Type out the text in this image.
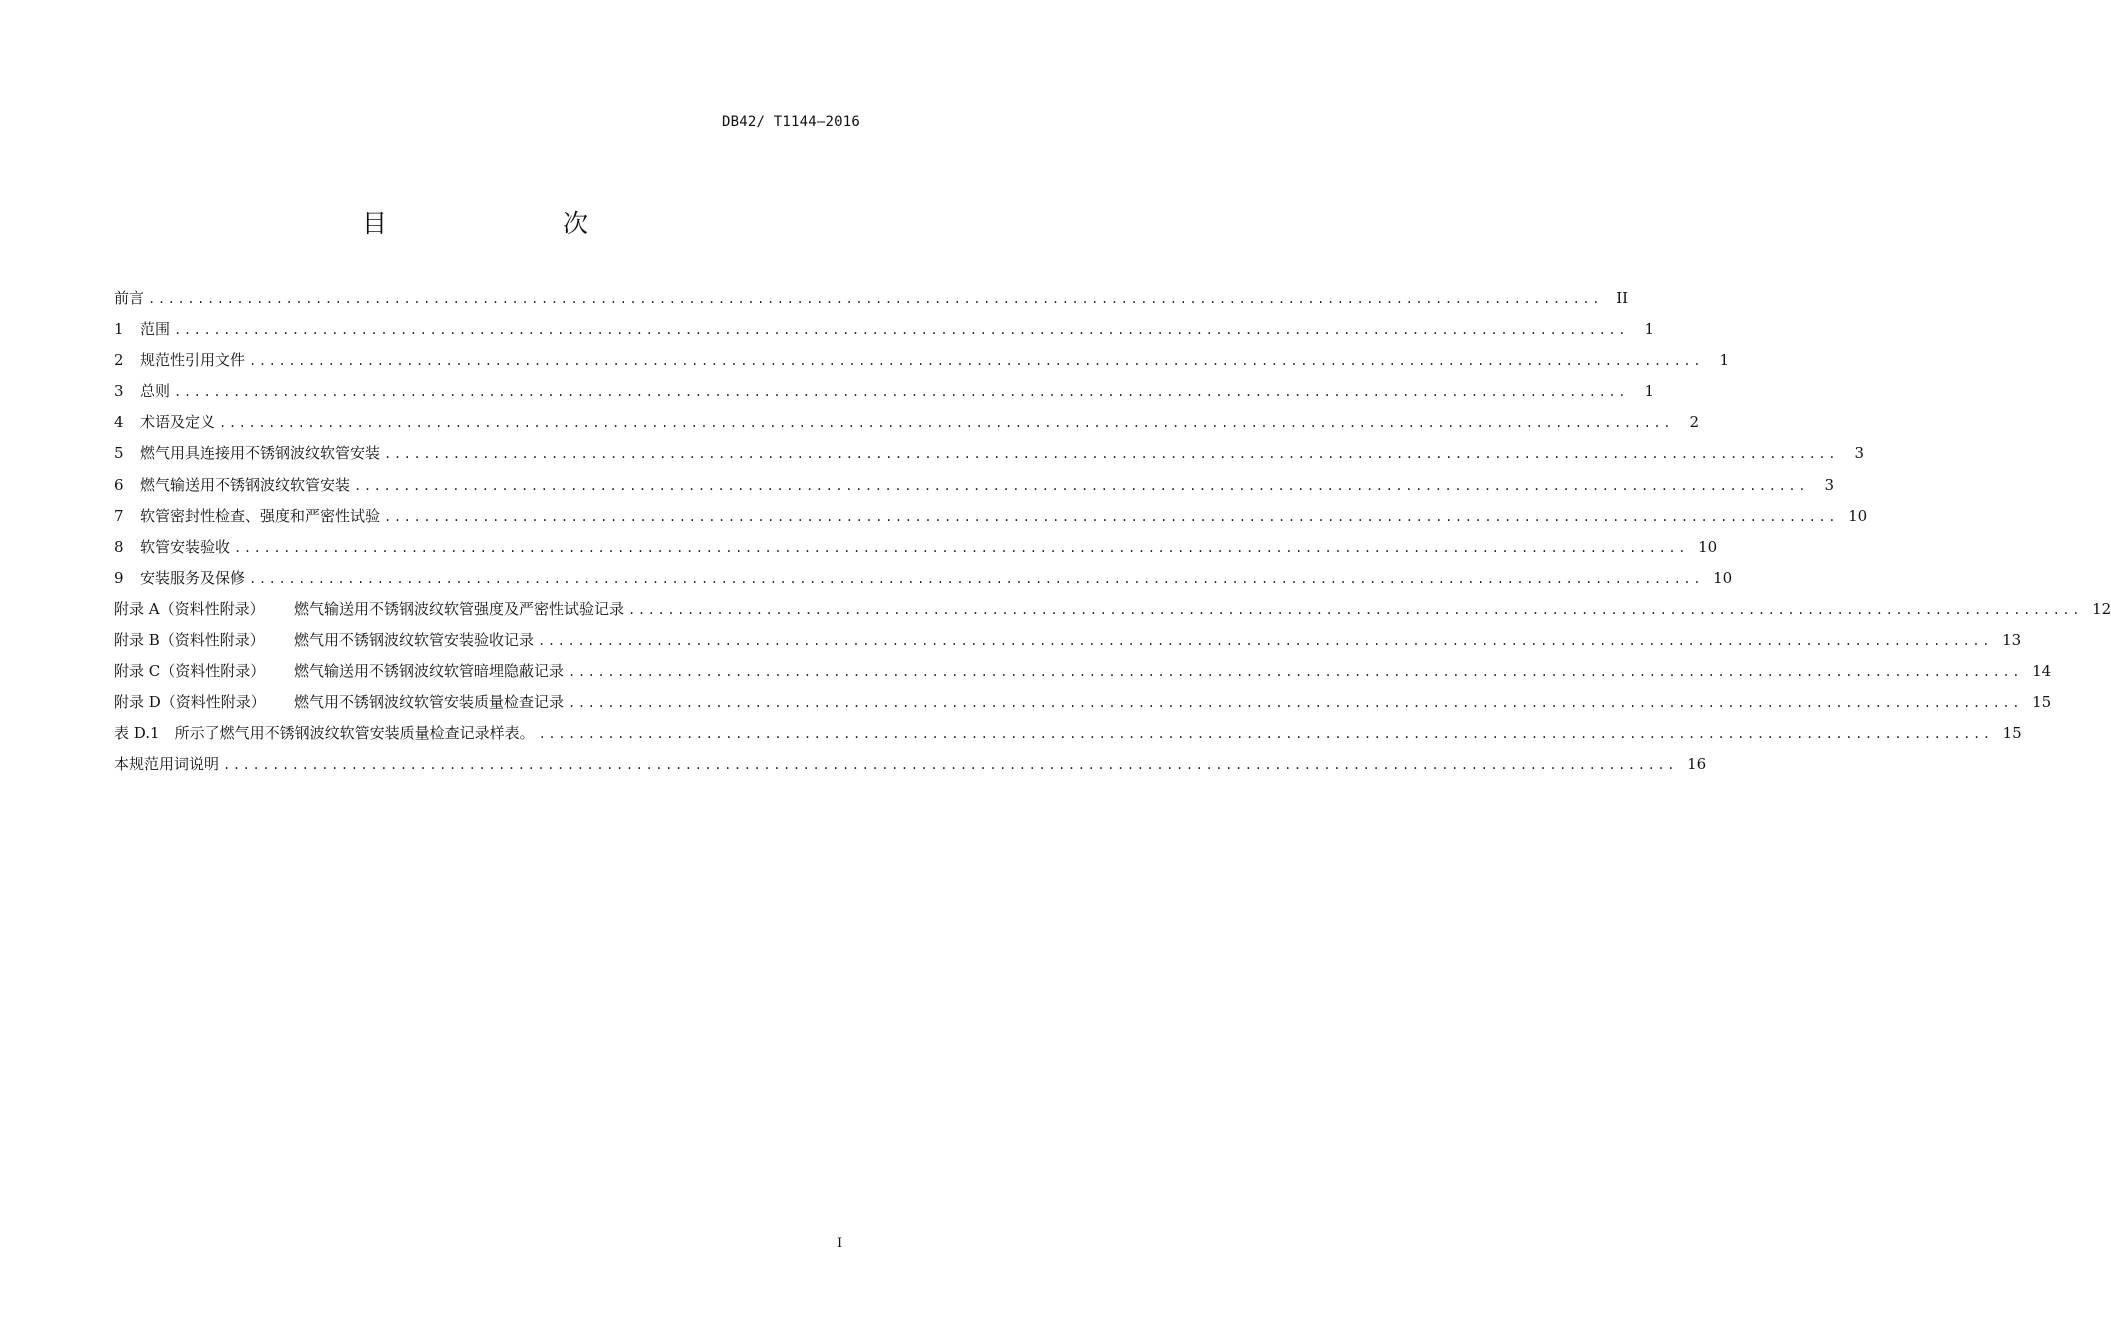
DB42/ T1144—2016
目　　次
前言 .................................................................................................................................................... II
1 范围 ....................................................................................................................................................	1
2 规范性引用文件 ....................................................................................................................................................	1
3 总则 ....................................................................................................................................................	1
4 术语及定义 ....................................................................................................................................................	2
5 燃气用具连接用不锈钢波纹软管安装 ....................................................................................................................................................	3
6 燃气输送用不锈钢波纹软管安装 ....................................................................................................................................................	3
7 软管密封性检查、强度和严密性试验 .................................................................................................................................................... 10
8 软管安装验收 .................................................................................................................................................... 10
9 安装服务及保修 .................................................................................................................................................... 10
附录 A（资料性附录） 燃气输送用不锈钢波纹软管强度及严密性试验记录 .................................................................................................................................................... 12
附录 B（资料性附录） 燃气用不锈钢波纹软管安装验收记录 .................................................................................................................................................... 13
附录 C（资料性附录） 燃气输送用不锈钢波纹软管暗埋隐蔽记录 .................................................................................................................................................... 14
附录 D（资料性附录） 燃气用不锈钢波纹软管安装质量检查记录 .................................................................................................................................................... 15
表 D.1　所示了燃气用不锈钢波纹软管安装质量检查记录样表。 .................................................................................................................................................... 15
本规范用词说明 .................................................................................................................................................... 16
I
